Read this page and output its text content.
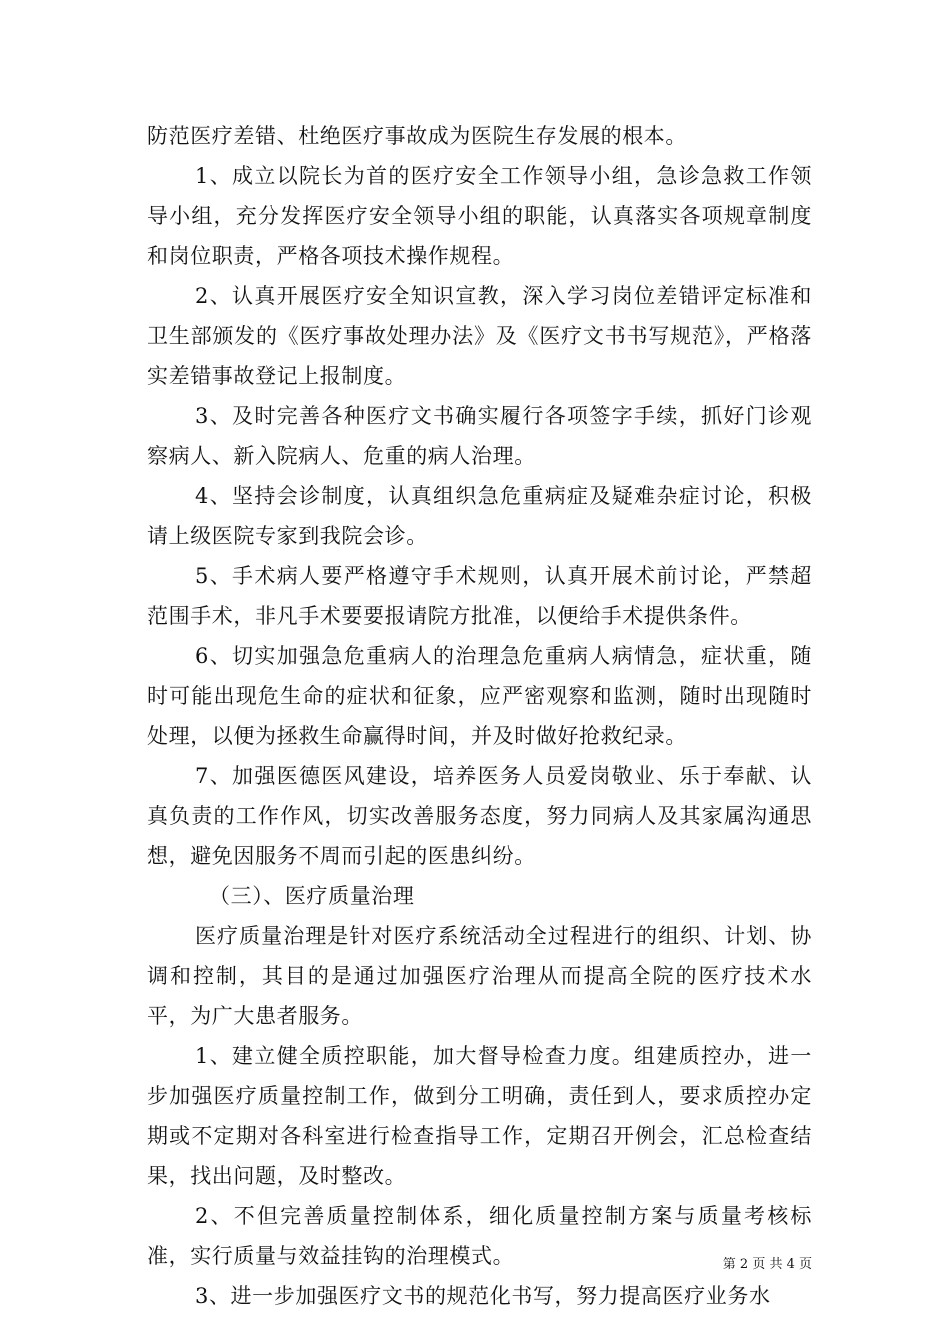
防范医疗差错、杜绝医疗事故成为医院生存发展的根本。

1、成立以院长为首的医疗安全工作领导小组，急诊急救工作领导小组，充分发挥医疗安全领导小组的职能，认真落实各项规章制度和岗位职责，严格各项技术操作规程。

2、认真开展医疗安全知识宣教，深入学习岗位差错评定标准和卫生部颁发的《医疗事故处理办法》及《医疗文书书写规范》，严格落实差错事故登记上报制度。

3、及时完善各种医疗文书确实履行各项签字手续，抓好门诊观察病人、新入院病人、危重的病人治理。

4、坚持会诊制度，认真组织急危重病症及疑难杂症讨论，积极请上级医院专家到我院会诊。

5、手术病人要严格遵守手术规则，认真开展术前讨论，严禁超范围手术，非凡手术要要报请院方批准，以便给手术提供条件。

6、切实加强急危重病人的治理急危重病人病情急，症状重，随时可能出现危生命的症状和征象，应严密观察和监测，随时出现随时处理，以便为拯救生命赢得时间，并及时做好抢救纪录。

7、加强医德医风建设，培养医务人员爱岗敬业、乐于奉献、认真负责的工作作风，切实改善服务态度，努力同病人及其家属沟通思想，避免因服务不周而引起的医患纠纷。

（三）、医疗质量治理

医疗质量治理是针对医疗系统活动全过程进行的组织、计划、协调和控制，其目的是通过加强医疗治理从而提高全院的医疗技术水平，为广大患者服务。

1、建立健全质控职能，加大督导检查力度。组建质控办，进一步加强医疗质量控制工作，做到分工明确，责任到人，要求质控办定期或不定期对各科室进行检查指导工作，定期召开例会，汇总检查结果，找出问题，及时整改。

2、不但完善质量控制体系，细化质量控制方案与质量考核标准，实行质量与效益挂钩的治理模式。

3、进一步加强医疗文书的规范化书写，努力提高医疗业务水

第 2 页 共 4 页
